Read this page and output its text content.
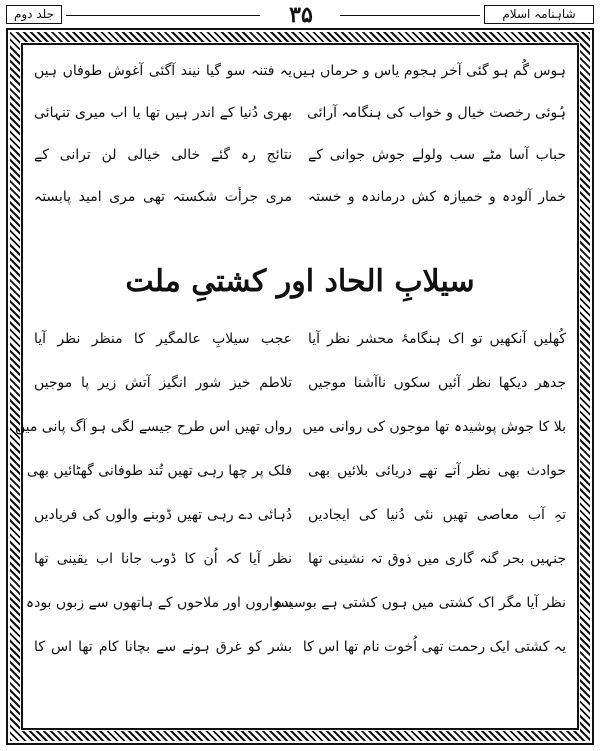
شاہنامہ اسلام
۳۵
جلد دوم
ہوس گُم ہو گئی آخر ہجوم یاس و حرماں ہیں
یہ فتنہ سو گیا نیند آگئی آغوش طوفاں ہیں
ہُوئی رخصت خیال و خواب کی ہنگامہ آرائی
بھری دُنیا کے اندر ہیں تھا یا اب میری تنہائی
حباب آسا مٹے سب ولولے جوش جوانی کے
نتائج رہ گئے خالی خیالی لن ترانی کے
خمار آلودہ و خمیازہ کش درماندہ و خستہ
مری جرأت شکستہ تھی مری امید پابستہ
سیلابِ الحاد اور کشتیِ ملت
کُھلیں آنکھیں تو اک ہنگامۂ محشر نظر آیا
عجب سیلابِ عالمگیر کا منظر نظر آیا
جدھر دیکھا نظر آئیں سکوں ناآشنا موجیں
تلاطم خیز شور انگیز آتش زیر پا موجیں
بلا کا جوش پوشیدہ تھا موجوں کی روانی میں
رواں تھیں اس طرح جیسے لگی ہو آگ پانی میں
حوادث بھی نظر آتے تھے دریائی بلائیں بھی
فلک پر چھا رہی تھیں تُند طوفانی گھٹائیں بھی
تہِ آب معاصی تھیں نئی دُنیا کی ایجادیں
دُہائی دے رہی تھیں ڈوبنے والوں کی فریادیں
جنہیں بحر گنہ گاری میں ذوق تہ نشینی تھا
نظر آیا کہ اُن کا ڈوب جانا اب یقینی تھا
نظر آیا مگر اک کشتی میں ہوں کشتی ہے بوسیدہ
سواروں اور ملاحوں کے ہاتھوں سے زبوں بودہ
یہ کشتی ایک رحمت تھی اُخوت نام تھا اس کا
بشر کو غرق ہونے سے بچانا کام تھا اس کا
